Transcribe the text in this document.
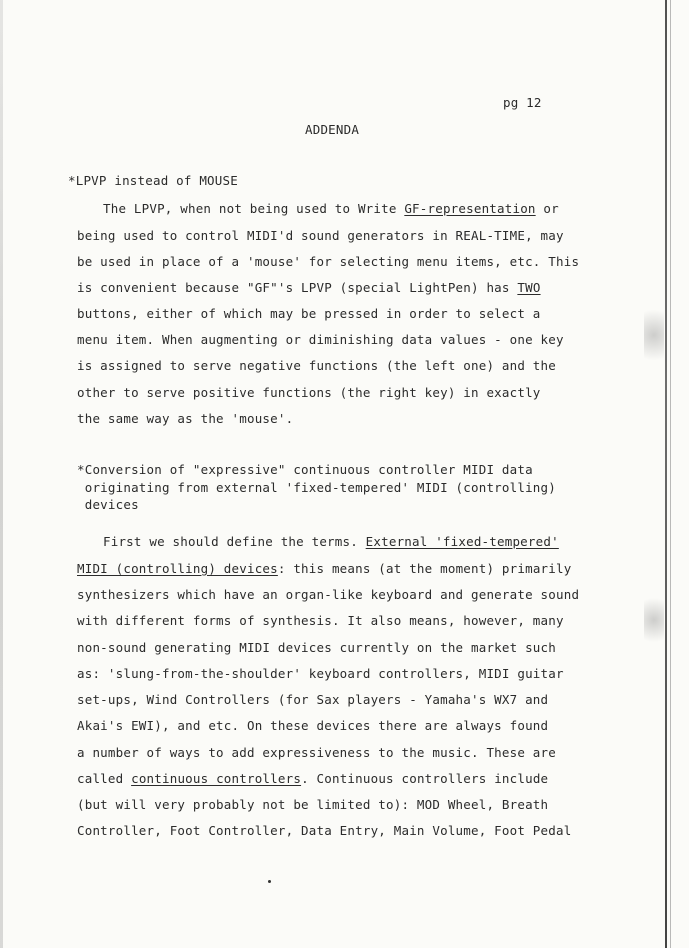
pg 12
ADDENDA
*LPVP instead of MOUSE
The LPVP, when not being used to Write GF-representation or
being used to control MIDI'd sound generators in REAL-TIME, may
be used in place of a 'mouse' for selecting menu items, etc. This
is convenient because "GF"'s LPVP (special LightPen) has TWO
buttons, either of which may be pressed in order to select a
menu item. When augmenting or diminishing data values - one key
is assigned to serve negative functions (the left one) and the
other to serve positive functions (the right key) in exactly
the same way as the 'mouse'.
*Conversion of "expressive" continuous controller MIDI data
originating from external 'fixed-tempered' MIDI (controlling)
devices
First we should define the terms. External 'fixed-tempered'
MIDI (controlling) devices: this means (at the moment) primarily
synthesizers which have an organ-like keyboard and generate sound
with different forms of synthesis. It also means, however, many
non-sound generating MIDI devices currently on the market such
as: 'slung-from-the-shoulder' keyboard controllers, MIDI guitar
set-ups, Wind Controllers (for Sax players - Yamaha's WX7 and
Akai's EWI), and etc. On these devices there are always found
a number of ways to add expressiveness to the music. These are
called continuous controllers. Continuous controllers include
(but will very probably not be limited to): MOD Wheel, Breath
Controller, Foot Controller, Data Entry, Main Volume, Foot Pedal
